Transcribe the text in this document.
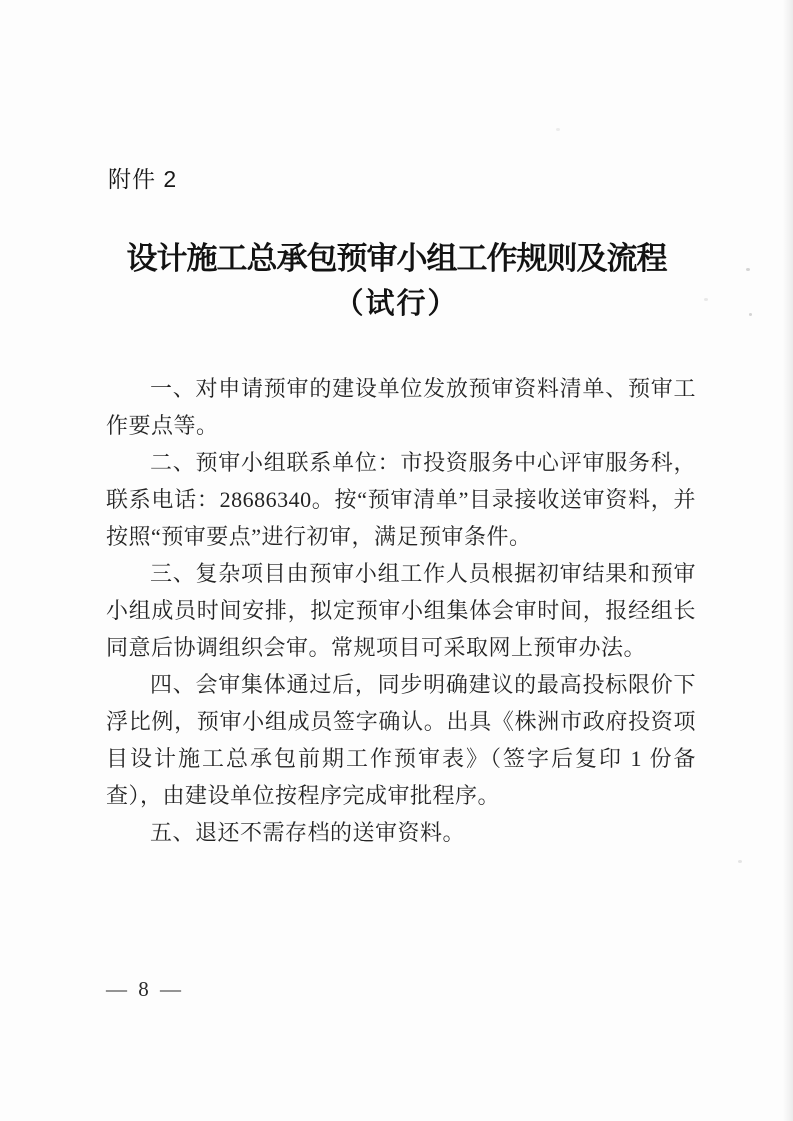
附件 2
设计施工总承包预审小组工作规则及流程
（试行）

一、对申请预审的建设单位发放预审资料清单、预审工作要点等。

二、预审小组联系单位：市投资服务中心评审服务科，联系电话：28686340。按“预审清单”目录接收送审资料，并按照“预审要点”进行初审，满足预审条件。

三、复杂项目由预审小组工作人员根据初审结果和预审小组成员时间安排，拟定预审小组集体会审时间，报经组长同意后协调组织会审。常规项目可采取网上预审办法。

四、会审集体通过后，同步明确建议的最高投标限价下浮比例，预审小组成员签字确认。出具《株洲市政府投资项目设计施工总承包前期工作预审表》（签字后复印 1 份备查），由建设单位按程序完成审批程序。

五、退还不需存档的送审资料。

— 8 —
